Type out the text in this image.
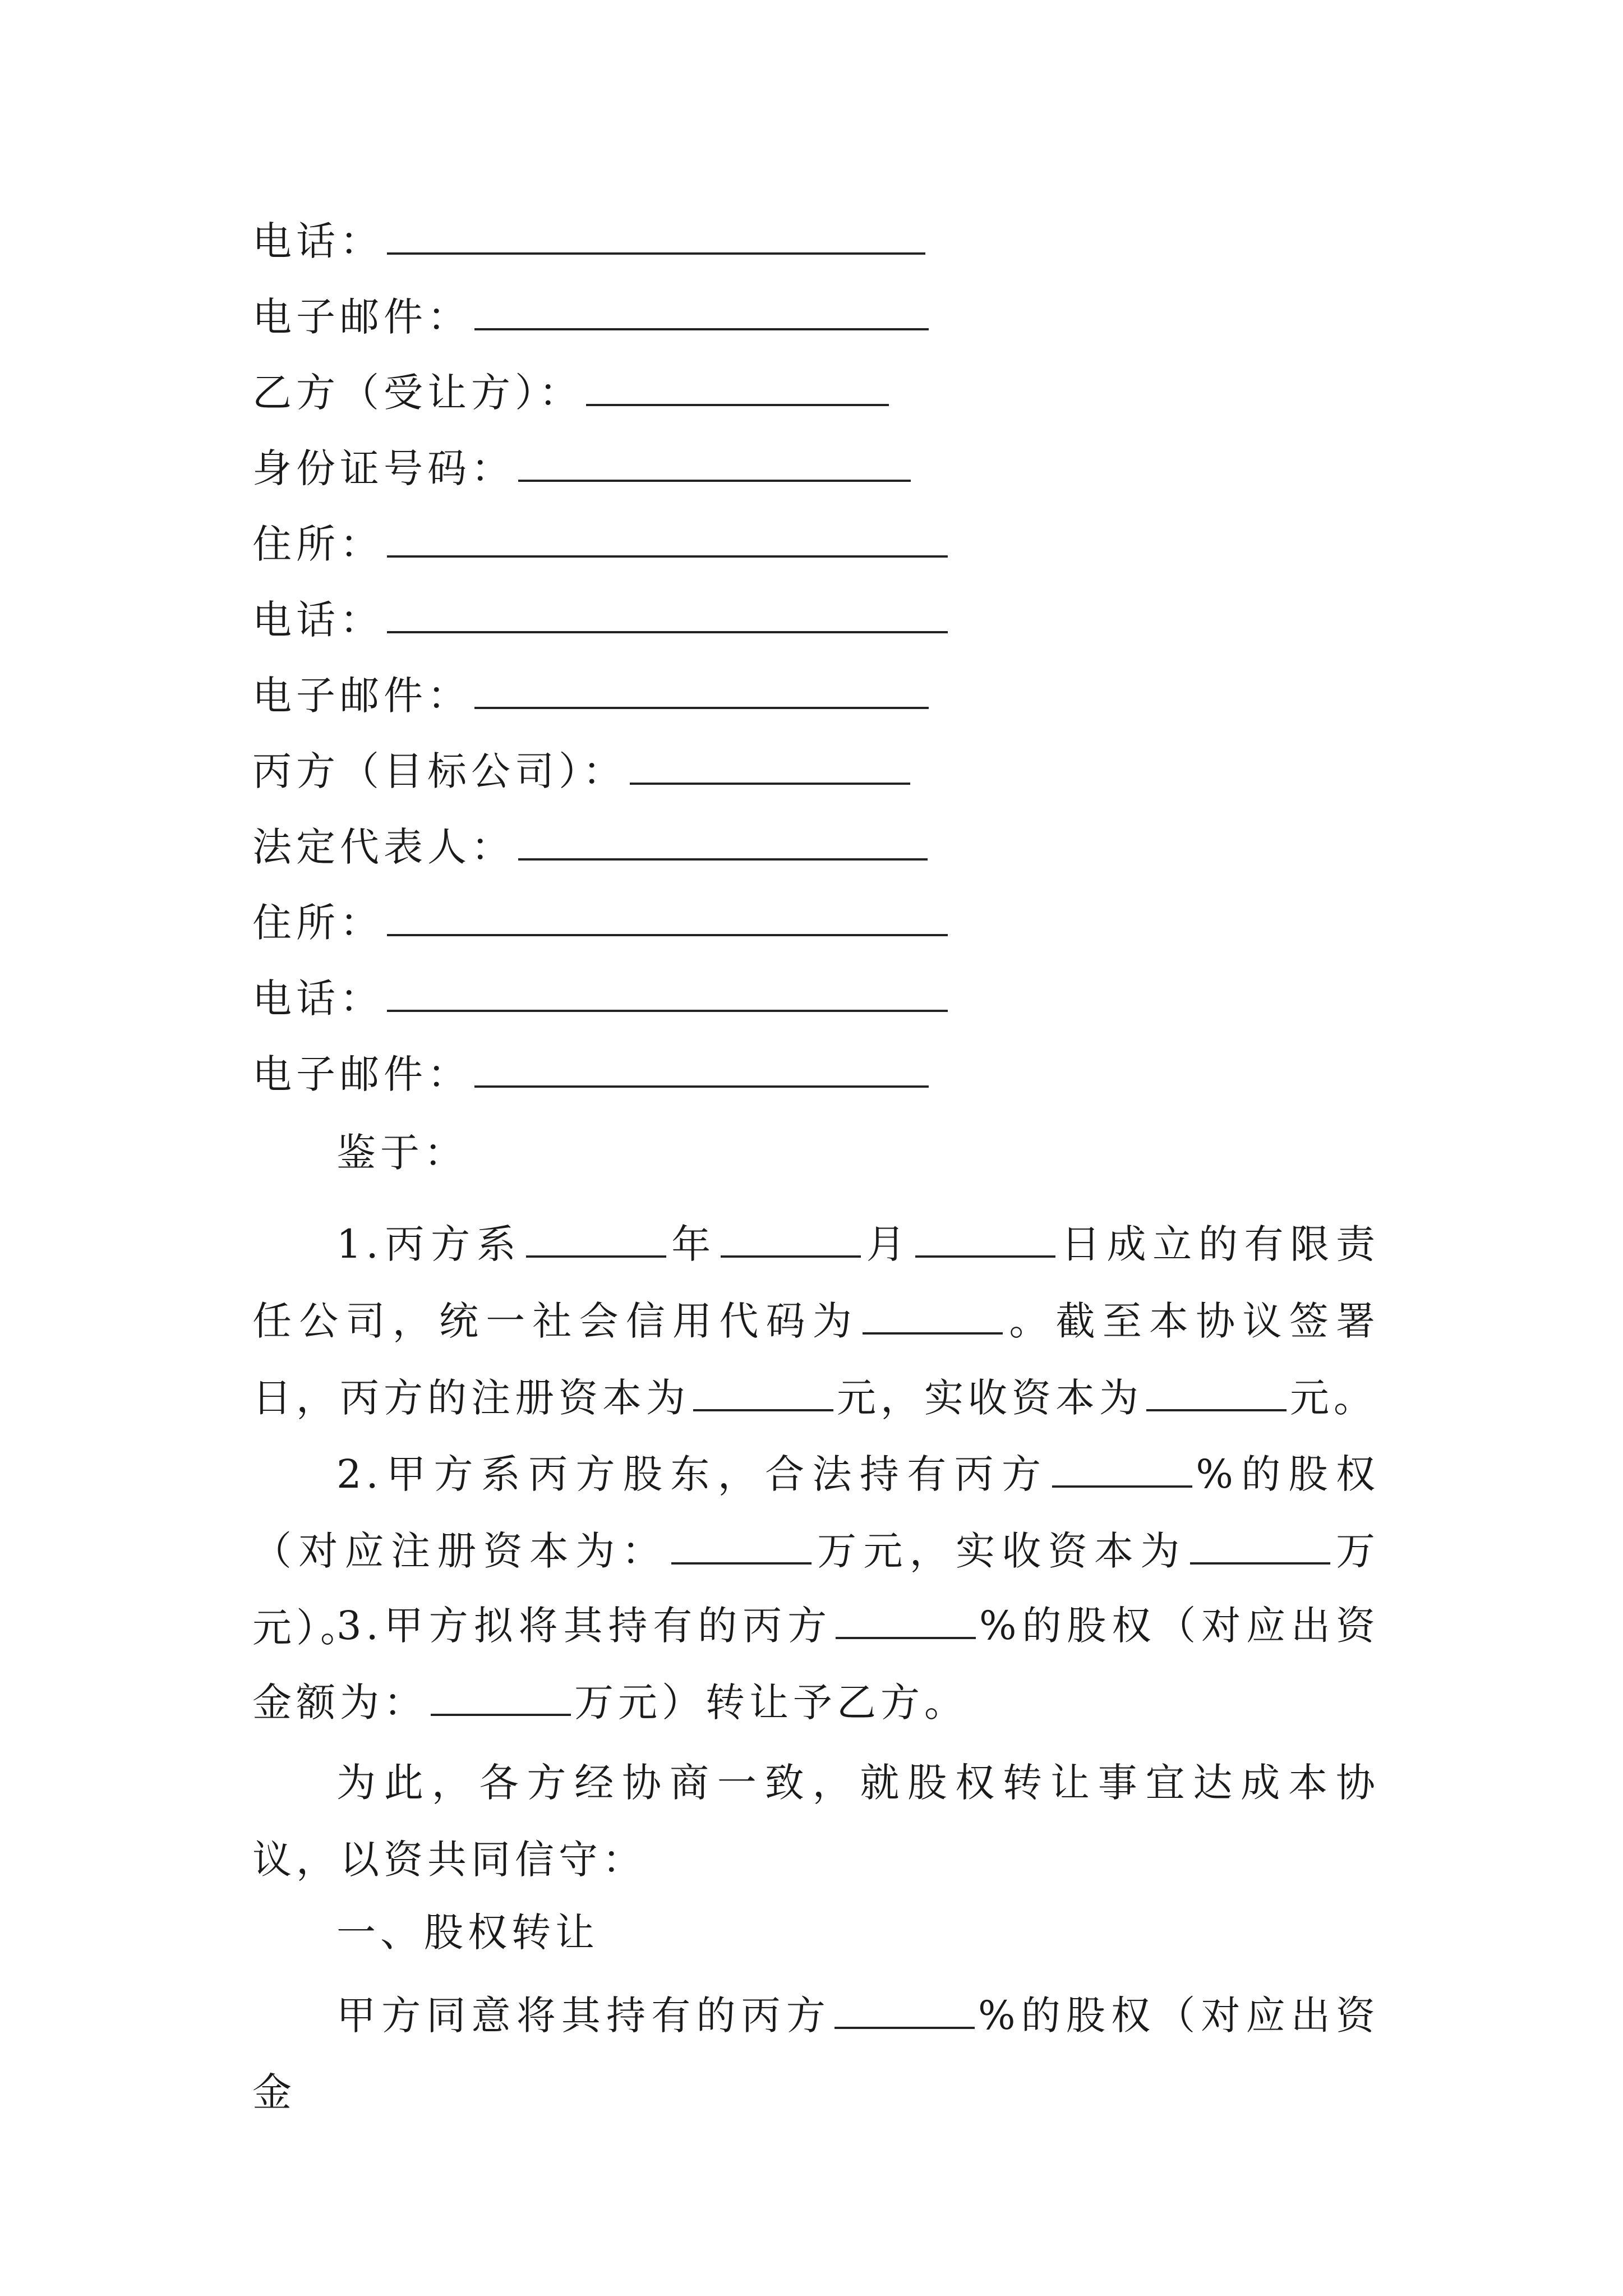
电话：
电子邮件：
乙方（受让方）：
身份证号码：
住所：
电话：
电子邮件：
丙方（目标公司）：
法定代表人：
住所：
电话：
电子邮件：
鉴于：
1.丙方系	年	月	日成立的有限责任公司，统一社会信用代码为	。截至本协议签署日，丙方的注册资本为	元，实收资本为	元。
2.甲方系丙方股东，合法持有丙方	%的股权（对应注册资本为：	万元，实收资本为	万元）。
3.甲方拟将其持有的丙方	%的股权（对应出资金额为：	万元）转让予乙方。
为此，各方经协商一致，就股权转让事宜达成本协议，以资共同信守：
一、股权转让
甲方同意将其持有的丙方	%的股权（对应出资金
